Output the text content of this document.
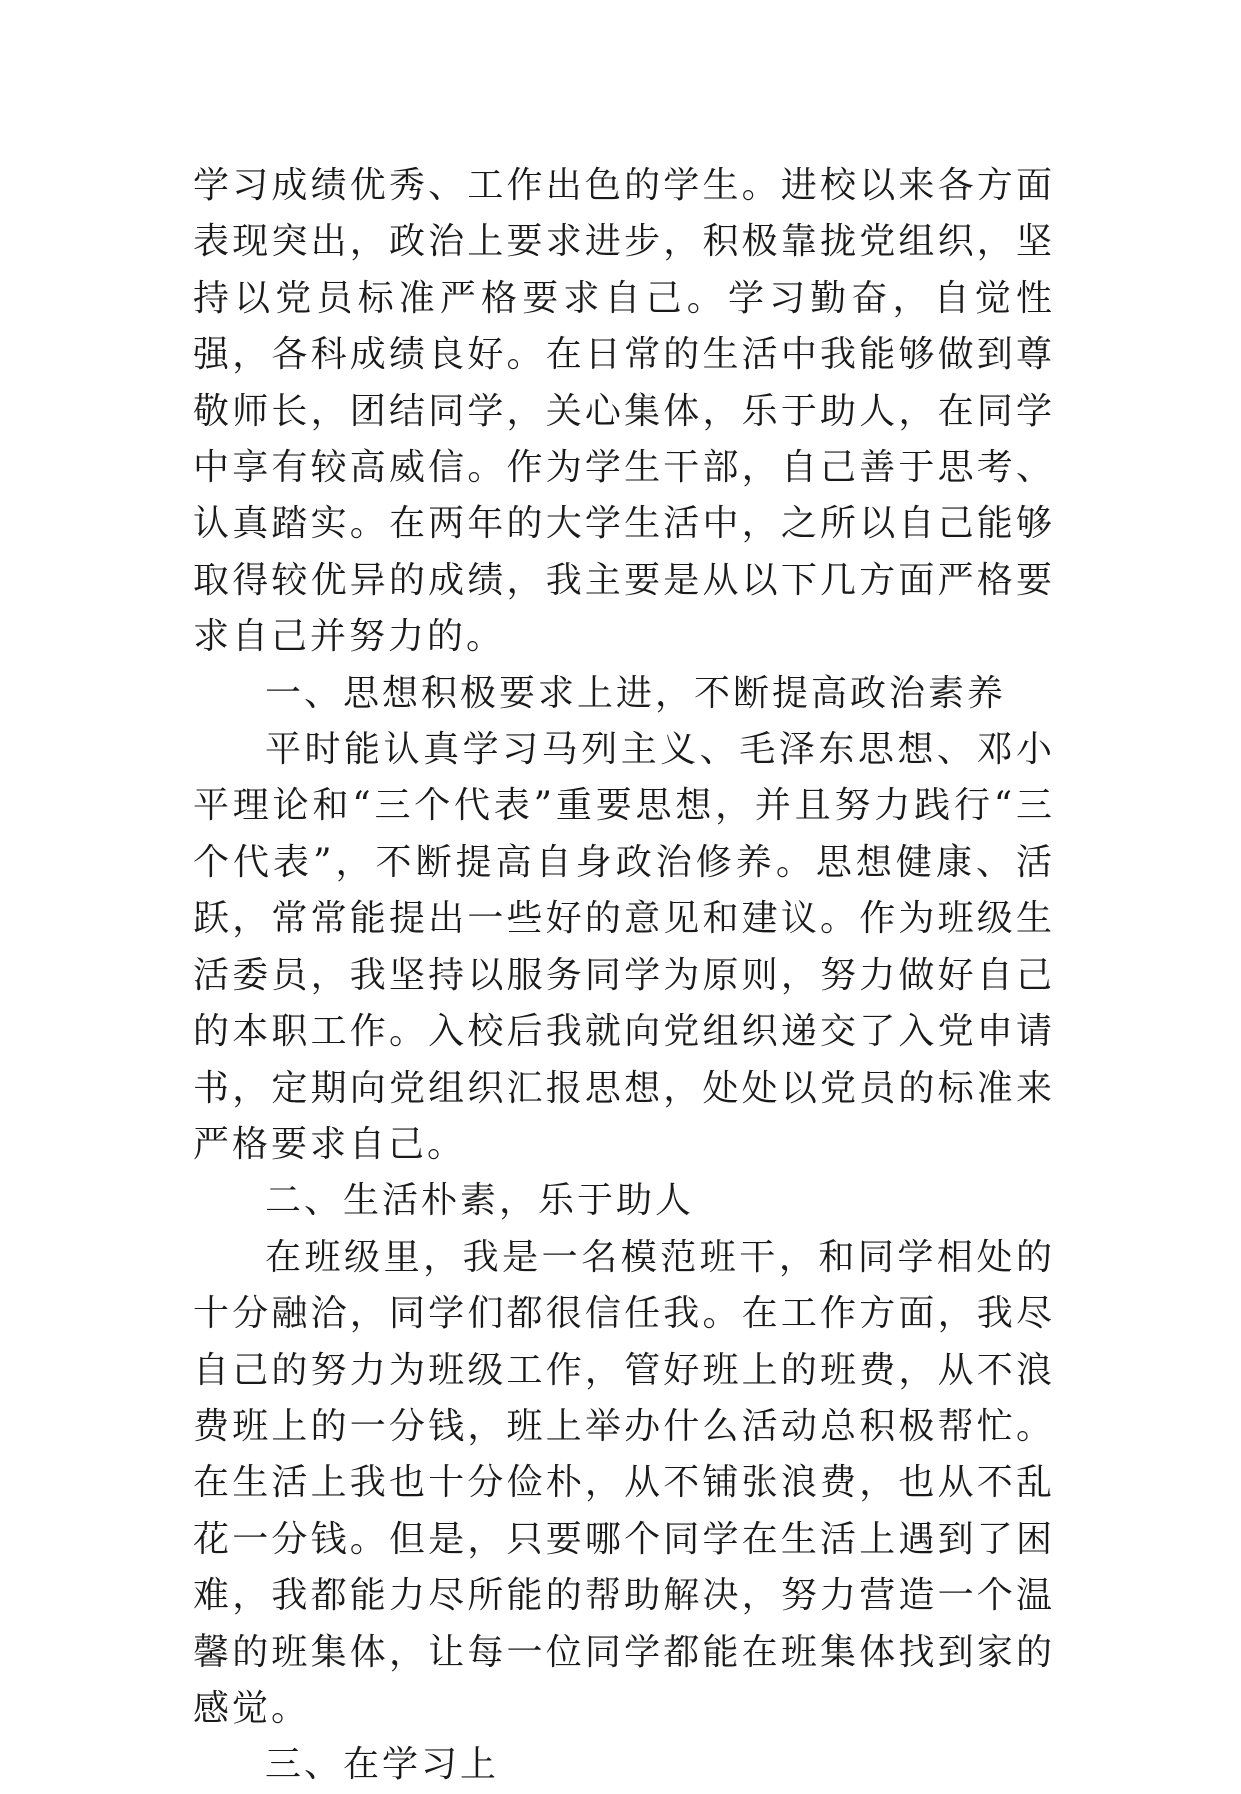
学习成绩优秀、工作出色的学生。进校以来各方面表现突出，政治上要求进步，积极靠拢党组织，坚持以党员标准严格要求自己。学习勤奋，自觉性强，各科成绩良好。在日常的生活中我能够做到尊敬师长，团结同学，关心集体，乐于助人，在同学中享有较高威信。作为学生干部，自己善于思考、认真踏实。在两年的大学生活中，之所以自己能够取得较优异的成绩，我主要是从以下几方面严格要求自己并努力的。

一、思想积极要求上进，不断提高政治素养

平时能认真学习马列主义、毛泽东思想、邓小平理论和“三个代表”重要思想，并且努力践行“三个代表”，不断提高自身政治修养。思想健康、活跃，常常能提出一些好的意见和建议。作为班级生活委员，我坚持以服务同学为原则，努力做好自己的本职工作。入校后我就向党组织递交了入党申请书，定期向党组织汇报思想，处处以党员的标准来严格要求自己。

二、生活朴素，乐于助人

在班级里，我是一名模范班干，和同学相处的十分融洽，同学们都很信任我。在工作方面，我尽自己的努力为班级工作，管好班上的班费，从不浪费班上的一分钱，班上举办什么活动总积极帮忙。在生活上我也十分俭朴，从不铺张浪费，也从不乱花一分钱。但是，只要哪个同学在生活上遇到了困难，我都能力尽所能的帮助解决，努力营造一个温馨的班集体，让每一位同学都能在班集体找到家的感觉。

三、在学习上
